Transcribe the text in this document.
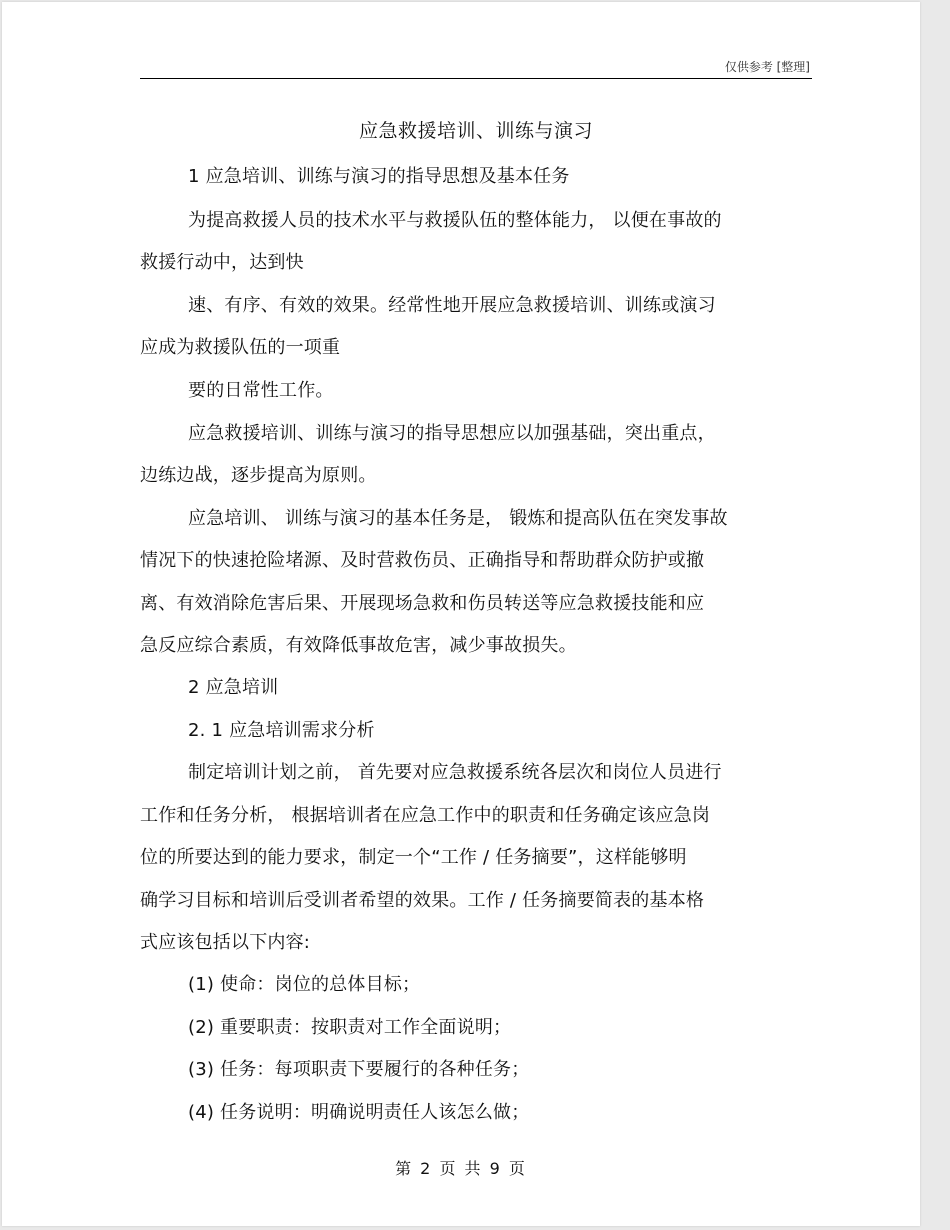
仅供参考 [整理]
应急救援培训、训练与演习
1 应急培训、训练与演习的指导思想及基本任务
为提高救援人员的技术水平与救援队伍的整体能力， 以便在事故的
救援行动中，达到快
速、有序、有效的效果。经常性地开展应急救援培训、训练或演习
应成为救援队伍的一项重
要的日常性工作。
应急救援培训、训练与演习的指导思想应以加强基础，突出重点，
边练边战，逐步提高为原则。
应急培训、 训练与演习的基本任务是， 锻炼和提高队伍在突发事故
情况下的快速抢险堵源、及时营救伤员、正确指导和帮助群众防护或撤
离、有效消除危害后果、开展现场急救和伤员转送等应急救援技能和应
急反应综合素质，有效降低事故危害，减少事故损失。
2 应急培训
2. 1 应急培训需求分析
制定培训计划之前， 首先要对应急救援系统各层次和岗位人员进行
工作和任务分析， 根据培训者在应急工作中的职责和任务确定该应急岗
位的所要达到的能力要求，制定一个“工作 / 任务摘要”，这样能够明
确学习目标和培训后受训者希望的效果。工作 / 任务摘要简表的基本格
式应该包括以下内容:
(1) 使命：岗位的总体目标；
(2) 重要职责：按职责对工作全面说明；
(3) 任务：每项职责下要履行的各种任务；
(4) 任务说明：明确说明责任人该怎么做；
第 2 页 共 9 页
